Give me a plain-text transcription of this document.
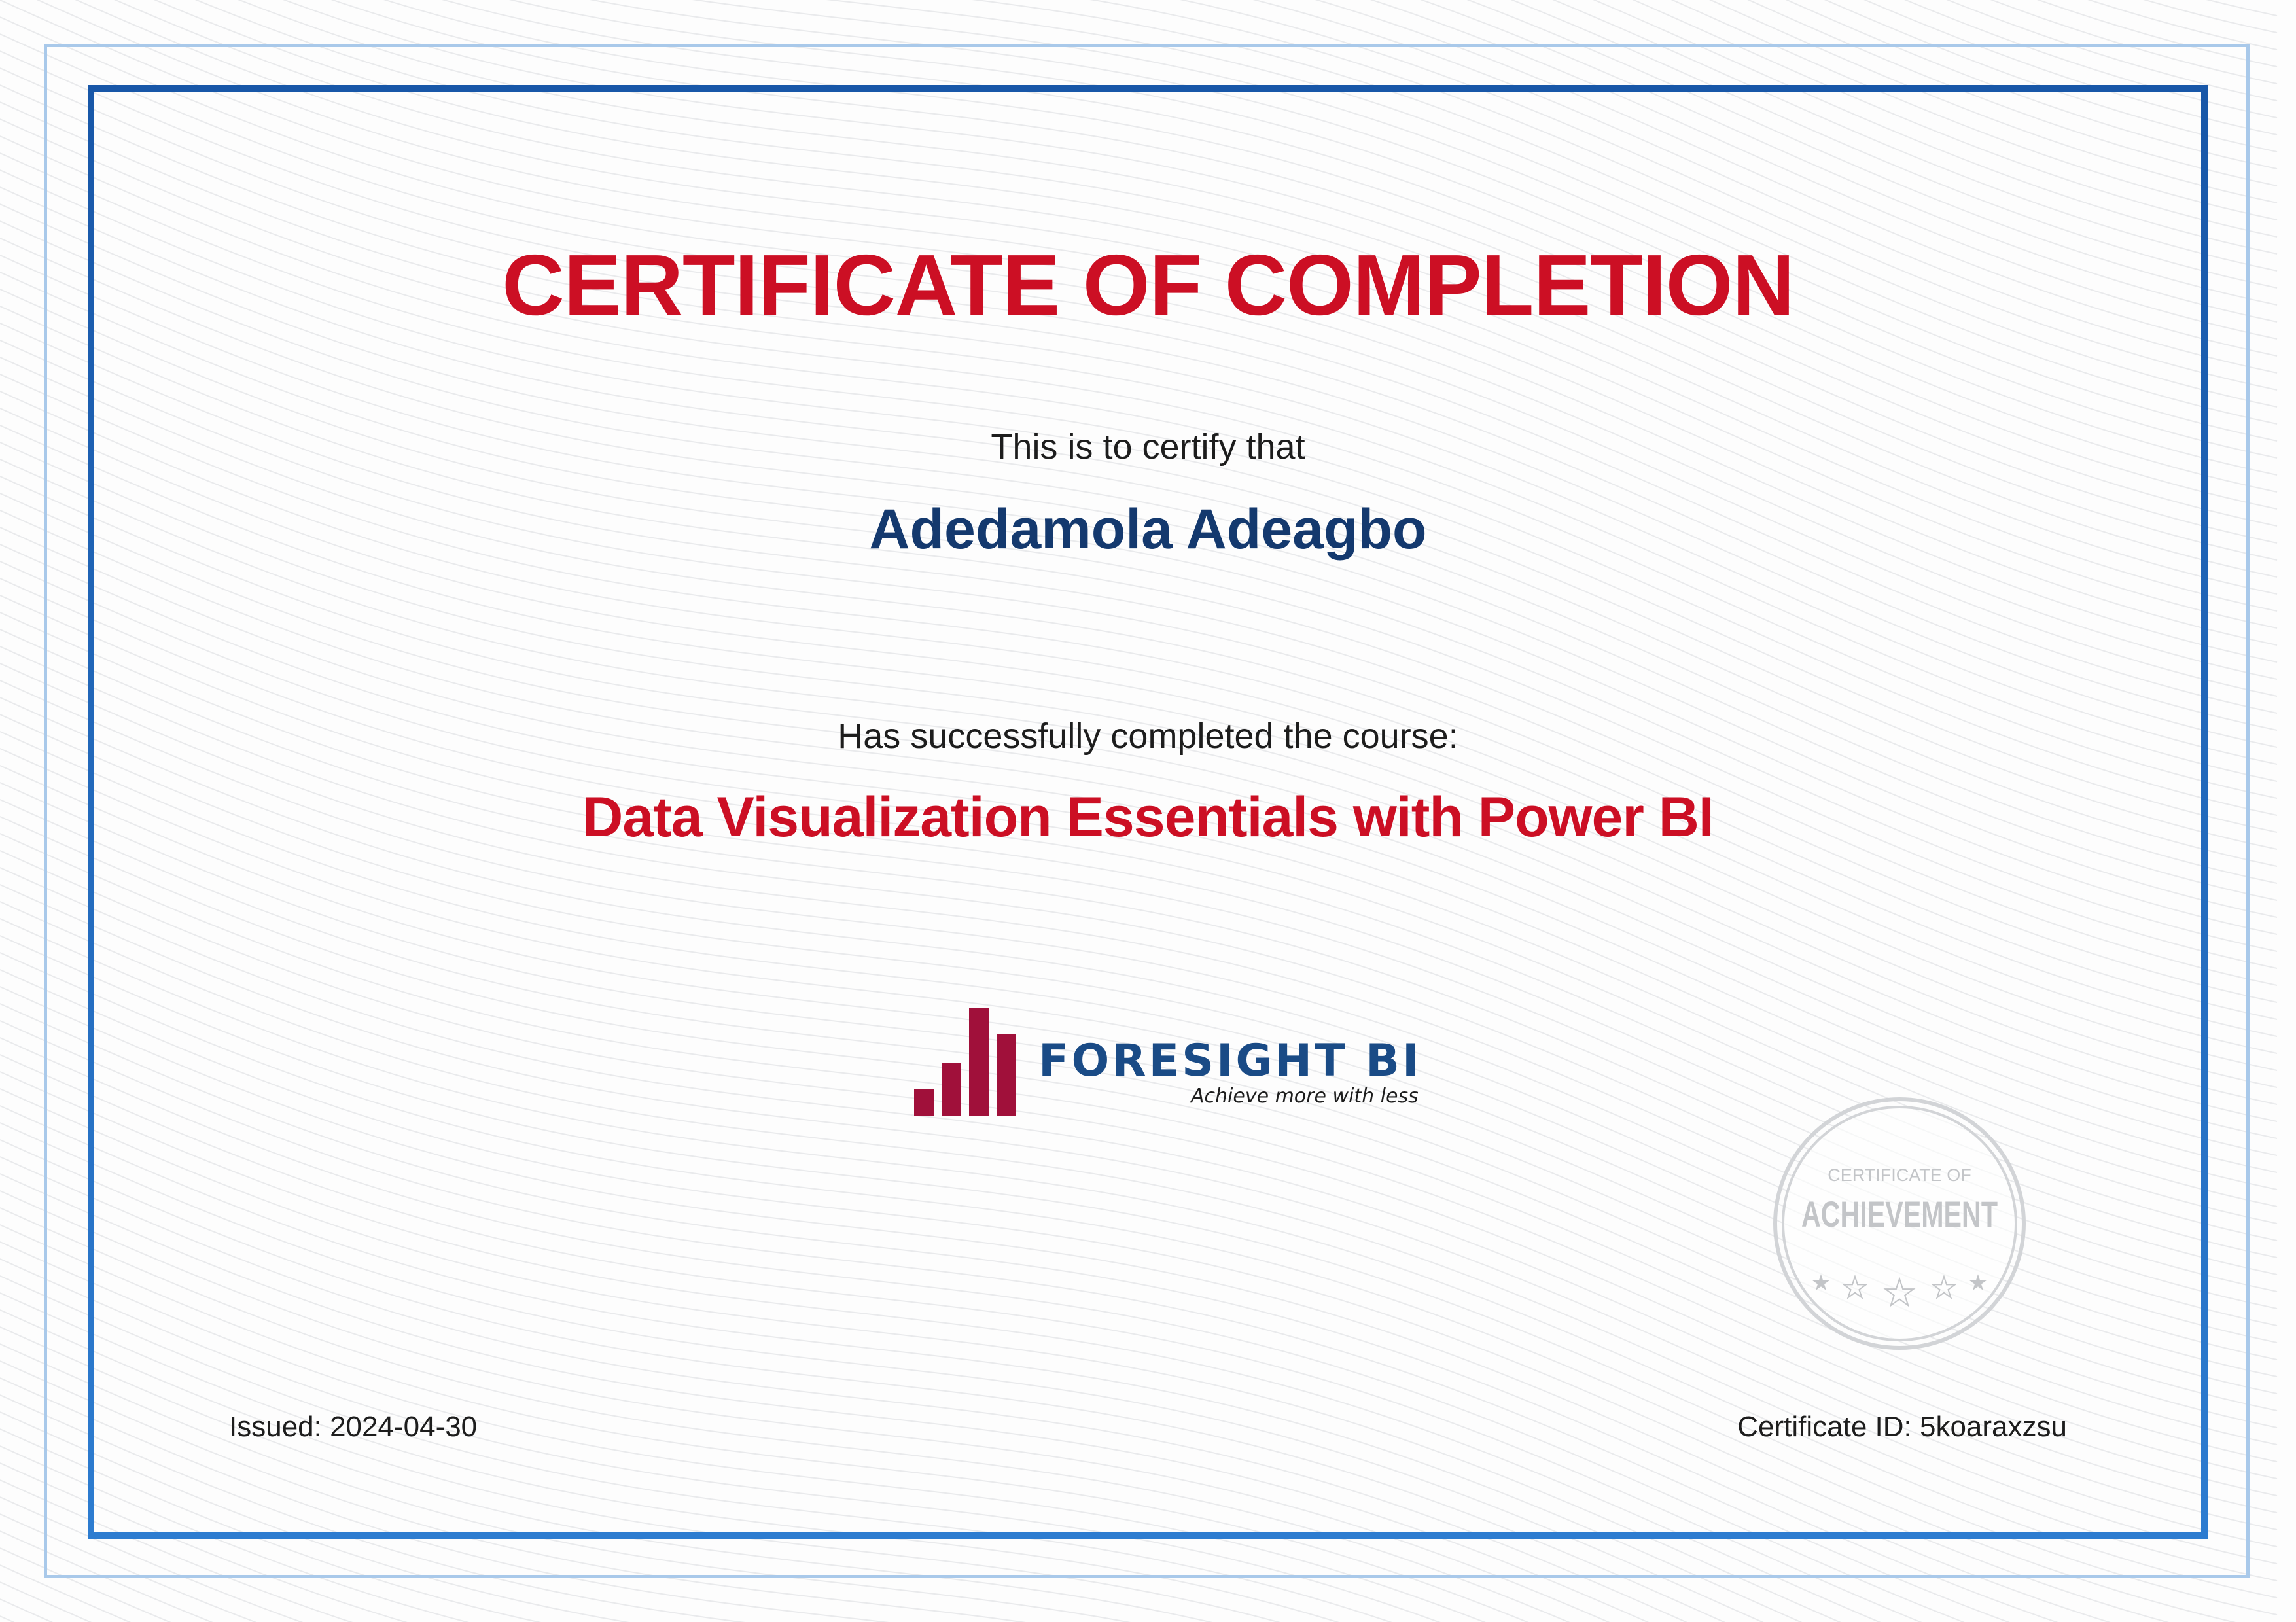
CERTIFICATE OF COMPLETION
This is to certify that
Adedamola Adeagbo
Has successfully completed the course:
Data Visualization Essentials with Power BI
FORESIGHT BI
Achieve more with less
CERTIFICATE OF
ACHIEVEMENT
★ ★ ★ ★ ★
Issued: 2024-04-30	Certificate ID: 5koaraxzsu
